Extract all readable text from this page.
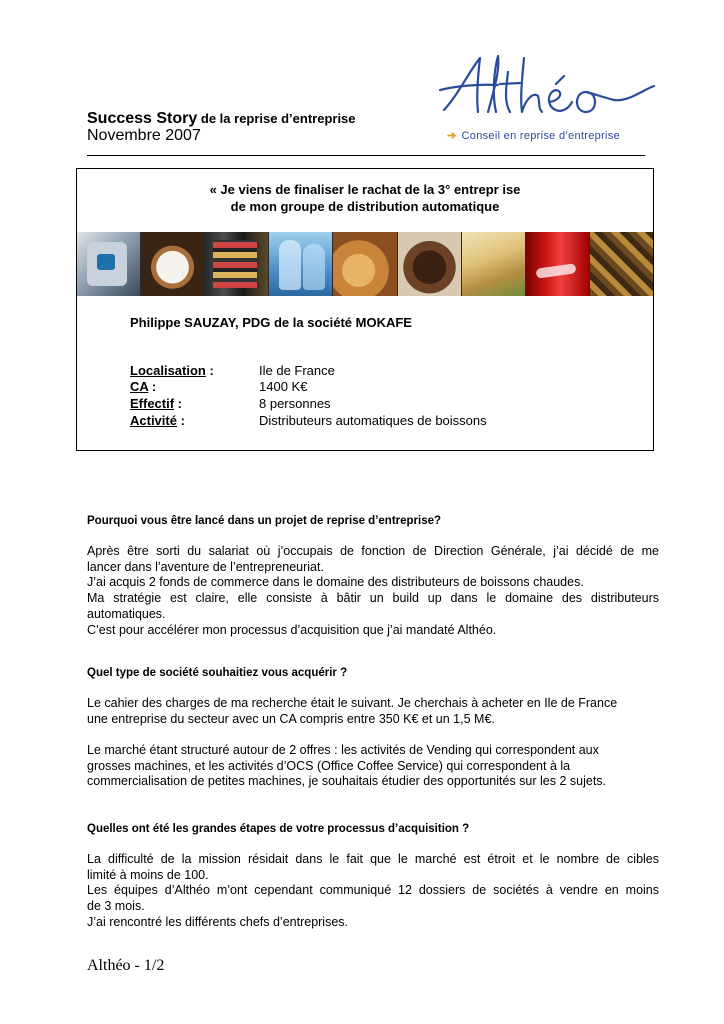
Success Story de la reprise d’entreprise
Novembre 2007	➔ Conseil en reprise d’entreprise
« Je viens de finaliser le rachat de la 3° entrepr ise
de mon groupe de distribution automatique
Philippe SAUZAY, PDG de la société MOKAFE
Localisation :	Ile de France
CA :	1400 K€
Effectif :	8 personnes
Activité :	Distributeurs automatiques de boissons
Pourquoi vous être lancé dans un projet de reprise d’entreprise?
Après être sorti du salariat où j’occupais de fonction de Direction Générale, j’ai décidé de me
lancer dans l’aventure de l’entrepreneuriat.
J’ai acquis 2 fonds de commerce dans le domaine des distributeurs de boissons chaudes.
Ma stratégie est claire, elle consiste à bâtir un build up dans le domaine des distributeurs
automatiques.
C’est pour accélérer mon processus d’acquisition que j’ai mandaté Althéo.
Quel type de société souhaitiez vous acquérir ?
Le cahier des charges de ma recherche était le suivant. Je cherchais à acheter en Ile de France
une entreprise du secteur avec un CA compris entre 350 K€ et un 1,5 M€.
Le marché étant structuré autour de 2 offres : les activités de Vending qui correspondent aux
grosses machines, et les activités d’OCS (Office Coffee Service) qui correspondent à la
commercialisation de petites machines, je souhaitais étudier des opportunités sur les 2 sujets.
Quelles ont été les grandes étapes de votre processus d’acquisition ?
La difficulté de la mission résidait dans le fait que le marché est étroit et le nombre de cibles
limité à moins de 100.
Les équipes d’Althéo m’ont cependant communiqué 12 dossiers de sociétés à vendre en moins
de 3 mois.
J’ai rencontré les différents chefs d’entreprises.
Althéo - 1/2
